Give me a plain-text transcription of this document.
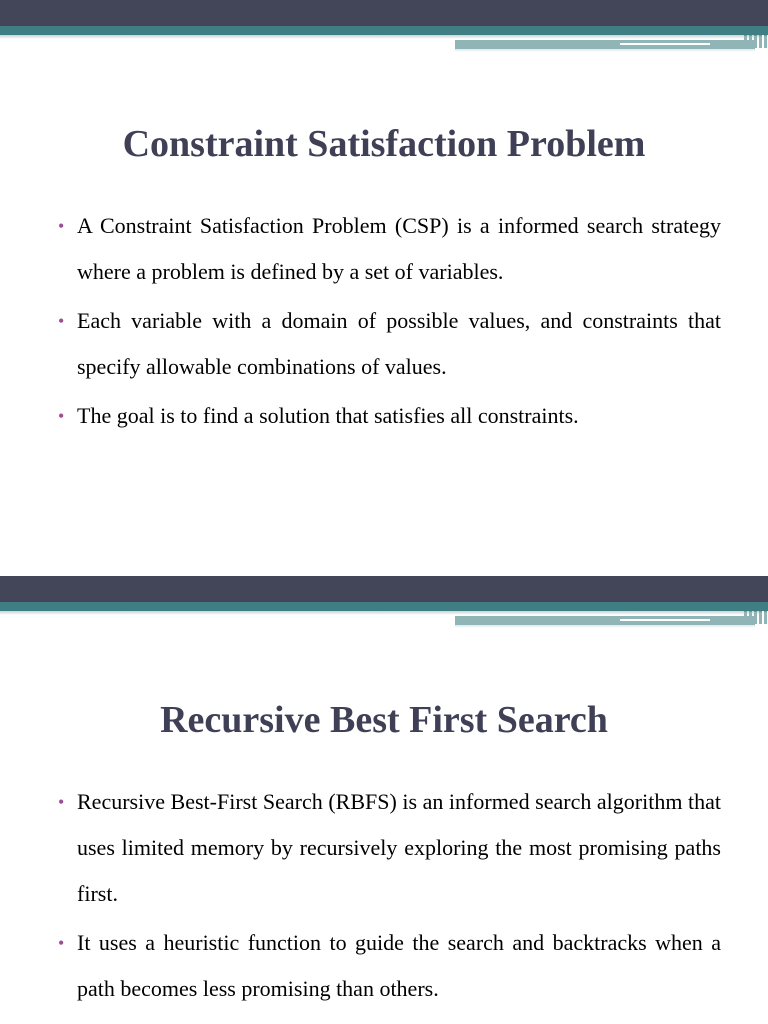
Constraint Satisfaction Problem
• A Constraint Satisfaction Problem (CSP) is a informed search strategy where a problem is defined by a set of variables.
• Each variable with a domain of possible values, and constraints that specify allowable combinations of values.
• The goal is to find a solution that satisfies all constraints.
Recursive Best First Search
• Recursive Best-First Search (RBFS) is an informed search algorithm that uses limited memory by recursively exploring the most promising paths first.
• It uses a heuristic function to guide the search and backtracks when a path becomes less promising than others.
